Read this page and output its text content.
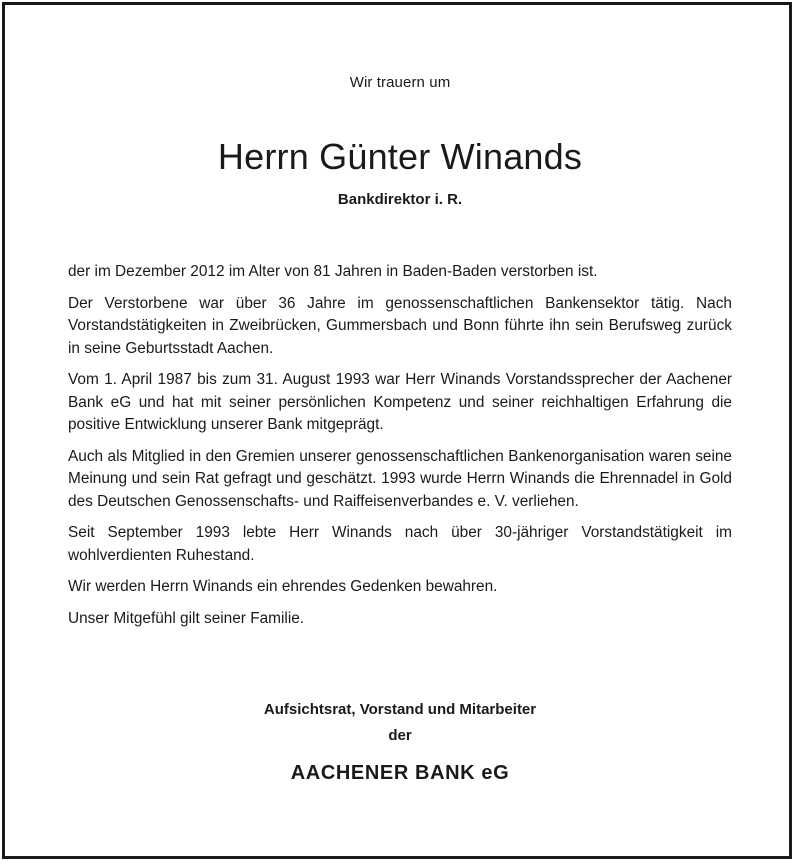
Wir trauern um
Herrn Günter Winands
Bankdirektor i. R.

der im Dezember 2012 im Alter von 81 Jahren in Baden-Baden verstorben ist.

Der Verstorbene war über 36 Jahre im genossenschaftlichen Bankensektor tätig. Nach Vorstandstätigkeiten in Zweibrücken, Gummersbach und Bonn führte ihn sein Berufsweg zurück in seine Geburtsstadt Aachen.

Vom 1. April 1987 bis zum 31. August 1993 war Herr Winands Vorstandssprecher der Aachener Bank eG und hat mit seiner persönlichen Kompetenz und seiner reichhaltigen Erfahrung die positive Entwicklung unserer Bank mitgeprägt.

Auch als Mitglied in den Gremien unserer genossenschaftlichen Bankenorganisation waren seine Meinung und sein Rat gefragt und geschätzt. 1993 wurde Herrn Winands die Ehrennadel in Gold des Deutschen Genossenschafts- und Raiffeisenverbandes e. V. verliehen.

Seit September 1993 lebte Herr Winands nach über 30-jähriger Vorstandstätigkeit im wohlverdienten Ruhestand.

Wir werden Herrn Winands ein ehrendes Gedenken bewahren.

Unser Mitgefühl gilt seiner Familie.

Aufsichtsrat, Vorstand und Mitarbeiter
der
AACHENER BANK eG
